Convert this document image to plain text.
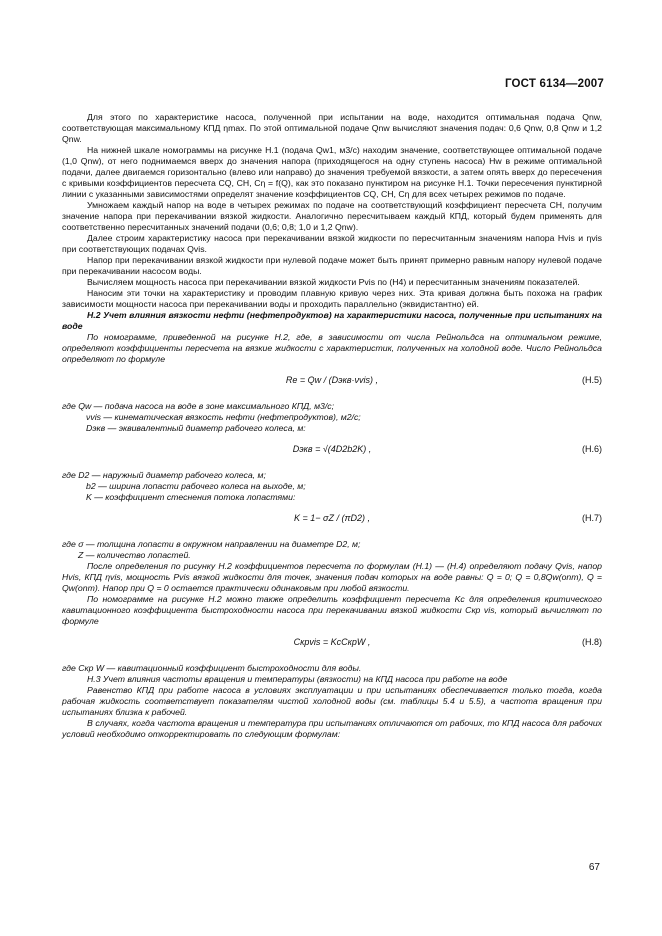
ГОСТ 6134—2007

Для этого по характеристике насоса, полученной при испытании на воде, находится оптимальная подача Qnw, соответствующая максимальному КПД ηmax. По этой оптимальной подаче Qnw вычисляют значения подач: 0,6 Qnw, 0,8 Qnw и 1,2 Qnw.

На нижней шкале номограммы на рисунке Н.1 (подача Qw1, м3/с) находим значение, соответствующее оптимальной подаче (1,0 Qnw), от него поднимаемся вверх до значения напора (приходящегося на одну ступень насоса) Hw в режиме оптимальной подачи, далее двигаемся горизонтально (влево или направо) до значения требуемой вязкости, а затем опять вверх до пересечения с кривыми коэффициентов пересчета CQ, CH, Cη = f(Q), как это показано пунктиром на рисунке Н.1. Точки пересечения пунктирной линии с указанными зависимостями определят значение коэффициентов CQ, CH, Cη для всех четырех режимов по подаче.

Умножаем каждый напор на воде в четырех режимах по подаче на соответствующий коэффициент пересчета CH, получим значение напора при перекачивании вязкой жидкости. Аналогично пересчитываем каждый КПД, который будем применять для соответственно пересчитанных значений подачи (0,6; 0,8; 1,0 и 1,2 Qnw).

Далее строим характеристику насоса при перекачивании вязкой жидкости по пересчитанным значениям напора Hvis и ηvis при соответствующих подачах Qvis.

Напор при перекачивании вязкой жидкости при нулевой подаче может быть принят примерно равным напору нулевой подаче при перекачивании насосом воды.

Вычисляем мощность насоса при перекачивании вязкой жидкости Pvis по (Н4) и пересчитанным значениям показателей.

Наносим эти точки на характеристику и проводим плавную кривую через них. Эта кривая должна быть похожа на график зависимости мощности насоса при перекачивании воды и проходить параллельно (эквидистантно) ей.

Н.2 Учет влияния вязкости нефти (нефтепродуктов) на характеристики насоса, полученные при испытаниях на воде

По номограмме, приведенной на рисунке Н.2, где, в зависимости от числа Рейнольдса на оптимальном режиме, определяют коэффициенты пересчета на вязкие жидкости с характеристик, полученных на холодной воде. Число Рейнольдса определяют по формуле

Re = Qw / (Dэкв·νvis) ,	(Н.5)

где Qw — подача насоса на воде в зоне максимального КПД, м3/с;

νvis — кинематическая вязкость нефти (нефтепродуктов), м2/с;

Dэкв — эквивалентный диаметр рабочего колеса, м:

Dэкв = √(4D2b2K) ,	(Н.6)

где D2 — наружный диаметр рабочего колеса, м;

b2 — ширина лопасти рабочего колеса на выходе, м;

K — коэффициент стеснения потока лопастями:

K = 1− σZ / (πD2) ,	(Н.7)

где σ — толщина лопасти в окружном направлении на диаметре D2, м;

Z — количество лопастей.

После определения по рисунку Н.2 коэффициентов пересчета по формулам (Н.1) — (Н.4) определяют подачу Qvis, напор Hvis, КПД ηvis, мощность Pvis вязкой жидкости для точек, значения подач которых на воде равны: Q = 0; Q = 0,8Qw(onm), Q = Qw(onm). Напор при Q = 0 остается практически одинаковым при любой вязкости.

По номограмме на рисунке Н.2 можно также определить коэффициент пересчета Kc для определения критического кавитационного коэффициента быстроходности насоса при перекачивании вязкой жидкости Cкр vis, который вычисляют по формуле

Cкрvis = KcCкрW ,	(Н.8)

где Cкр W — кавитационный коэффициент быстроходности для воды.

Н.3 Учет влияния частоты вращения и температуры (вязкости) на КПД насоса при работе на воде

Равенство КПД при работе насоса в условиях эксплуатации и при испытаниях обеспечивается только тогда, когда рабочая жидкость соответствует показателям чистой холодной воды (см. таблицы 5.4 и 5.5), а частота вращения при испытаниях близка к рабочей.

В случаях, когда частота вращения и температура при испытаниях отличаются от рабочих, то КПД насоса для рабочих условий необходимо откорректировать по следующим формулам:

67
